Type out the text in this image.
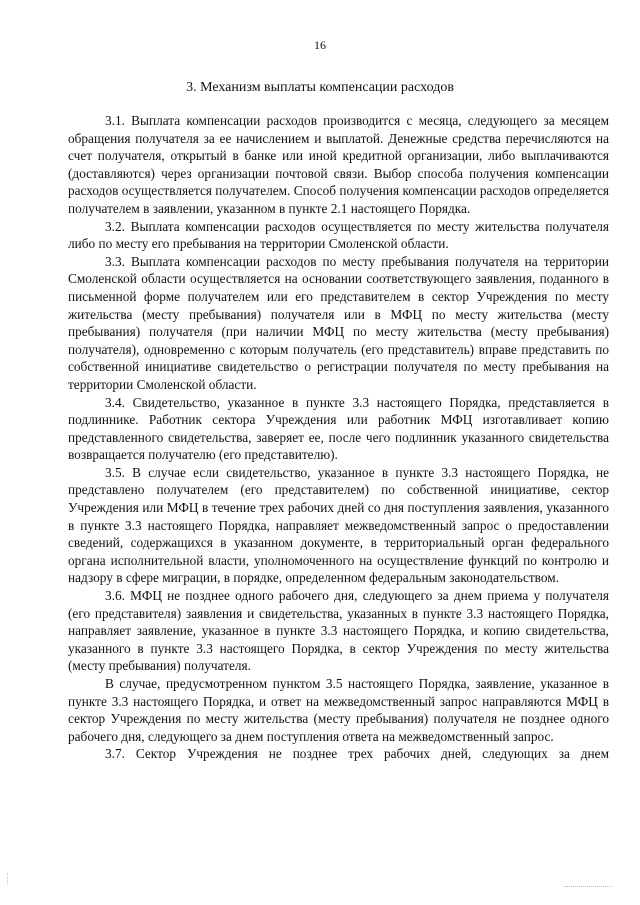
16
3. Механизм выплаты компенсации расходов

3.1. Выплата компенсации расходов производится с месяца, следующего за месяцем обращения получателя за ее начислением и выплатой. Денежные средства перечисляются на счет получателя, открытый в банке или иной кредитной организации, либо выплачиваются (доставляются) через организации почтовой связи. Выбор способа получения компенсации расходов осуществляется получателем. Способ получения компенсации расходов определяется получателем в заявлении, указанном в пункте 2.1 настоящего Порядка.

3.2. Выплата компенсации расходов осуществляется по месту жительства получателя либо по месту его пребывания на территории Смоленской области.

3.3. Выплата компенсации расходов по месту пребывания получателя на территории Смоленской области осуществляется на основании соответствующего заявления, поданного в письменной форме получателем или его представителем в сектор Учреждения по месту жительства (месту пребывания) получателя или в МФЦ по месту жительства (месту пребывания) получателя (при наличии МФЦ по месту жительства (месту пребывания) получателя), одновременно с которым получатель (его представитель) вправе представить по собственной инициативе свидетельство о регистрации получателя по месту пребывания на территории Смоленской области.

3.4. Свидетельство, указанное в пункте 3.3 настоящего Порядка, представляется в подлиннике. Работник сектора Учреждения или работник МФЦ изготавливает копию представленного свидетельства, заверяет ее, после чего подлинник указанного свидетельства возвращается получателю (его представителю).

3.5. В случае если свидетельство, указанное в пункте 3.3 настоящего Порядка, не представлено получателем (его представителем) по собственной инициативе, сектор Учреждения или МФЦ в течение трех рабочих дней со дня поступления заявления, указанного в пункте 3.3 настоящего Порядка, направляет межведомственный запрос о предоставлении сведений, содержащихся в указанном документе, в территориальный орган федерального органа исполнительной власти, уполномоченного на осуществление функций по контролю и надзору в сфере миграции, в порядке, определенном федеральным законодательством.

3.6. МФЦ не позднее одного рабочего дня, следующего за днем приема у получателя (его представителя) заявления и свидетельства, указанных в пункте 3.3 настоящего Порядка, направляет заявление, указанное в пункте 3.3 настоящего Порядка, и копию свидетельства, указанного в пункте 3.3 настоящего Порядка, в сектор Учреждения по месту жительства (месту пребывания) получателя.

В случае, предусмотренном пунктом 3.5 настоящего Порядка, заявление, указанное в пункте 3.3 настоящего Порядка, и ответ на межведомственный запрос направляются МФЦ в сектор Учреждения по месту жительства (месту пребывания) получателя не позднее одного рабочего дня, следующего за днем поступления ответа на межведомственный запрос.

3.7. Сектор Учреждения не позднее трех рабочих дней, следующих за днем
